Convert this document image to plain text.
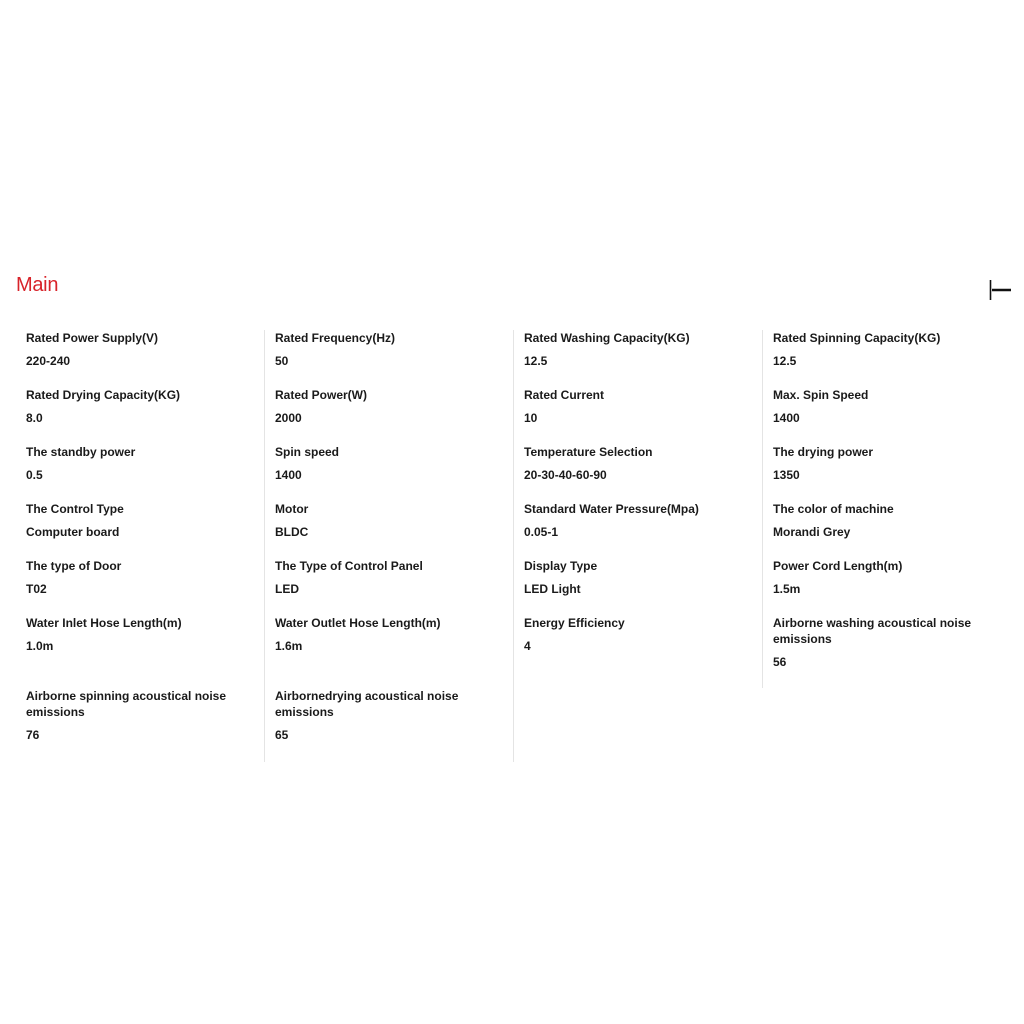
Main
Rated Power Supply(V)
220-240
Rated Drying Capacity(KG)
8.0
The standby power
0.5
The Control Type
Computer board
The type of Door
T02
Water Inlet Hose Length(m)
1.0m
Airborne spinning acoustical noise emissions
76
Rated Frequency(Hz)
50
Rated Power(W)
2000
Spin speed
1400
Motor
BLDC
The Type of Control Panel
LED
Water Outlet Hose Length(m)
1.6m
Airbornedrying acoustical noise emissions
65
Rated Washing Capacity(KG)
12.5
Rated Current
10
Temperature Selection
20-30-40-60-90
Standard Water Pressure(Mpa)
0.05-1
Display Type
LED Light
Energy Efficiency
4
Rated Spinning Capacity(KG)
12.5
Max. Spin Speed
1400
The drying power
1350
The color of machine
Morandi Grey
Power Cord Length(m)
1.5m
Airborne washing acoustical noise emissions
56
